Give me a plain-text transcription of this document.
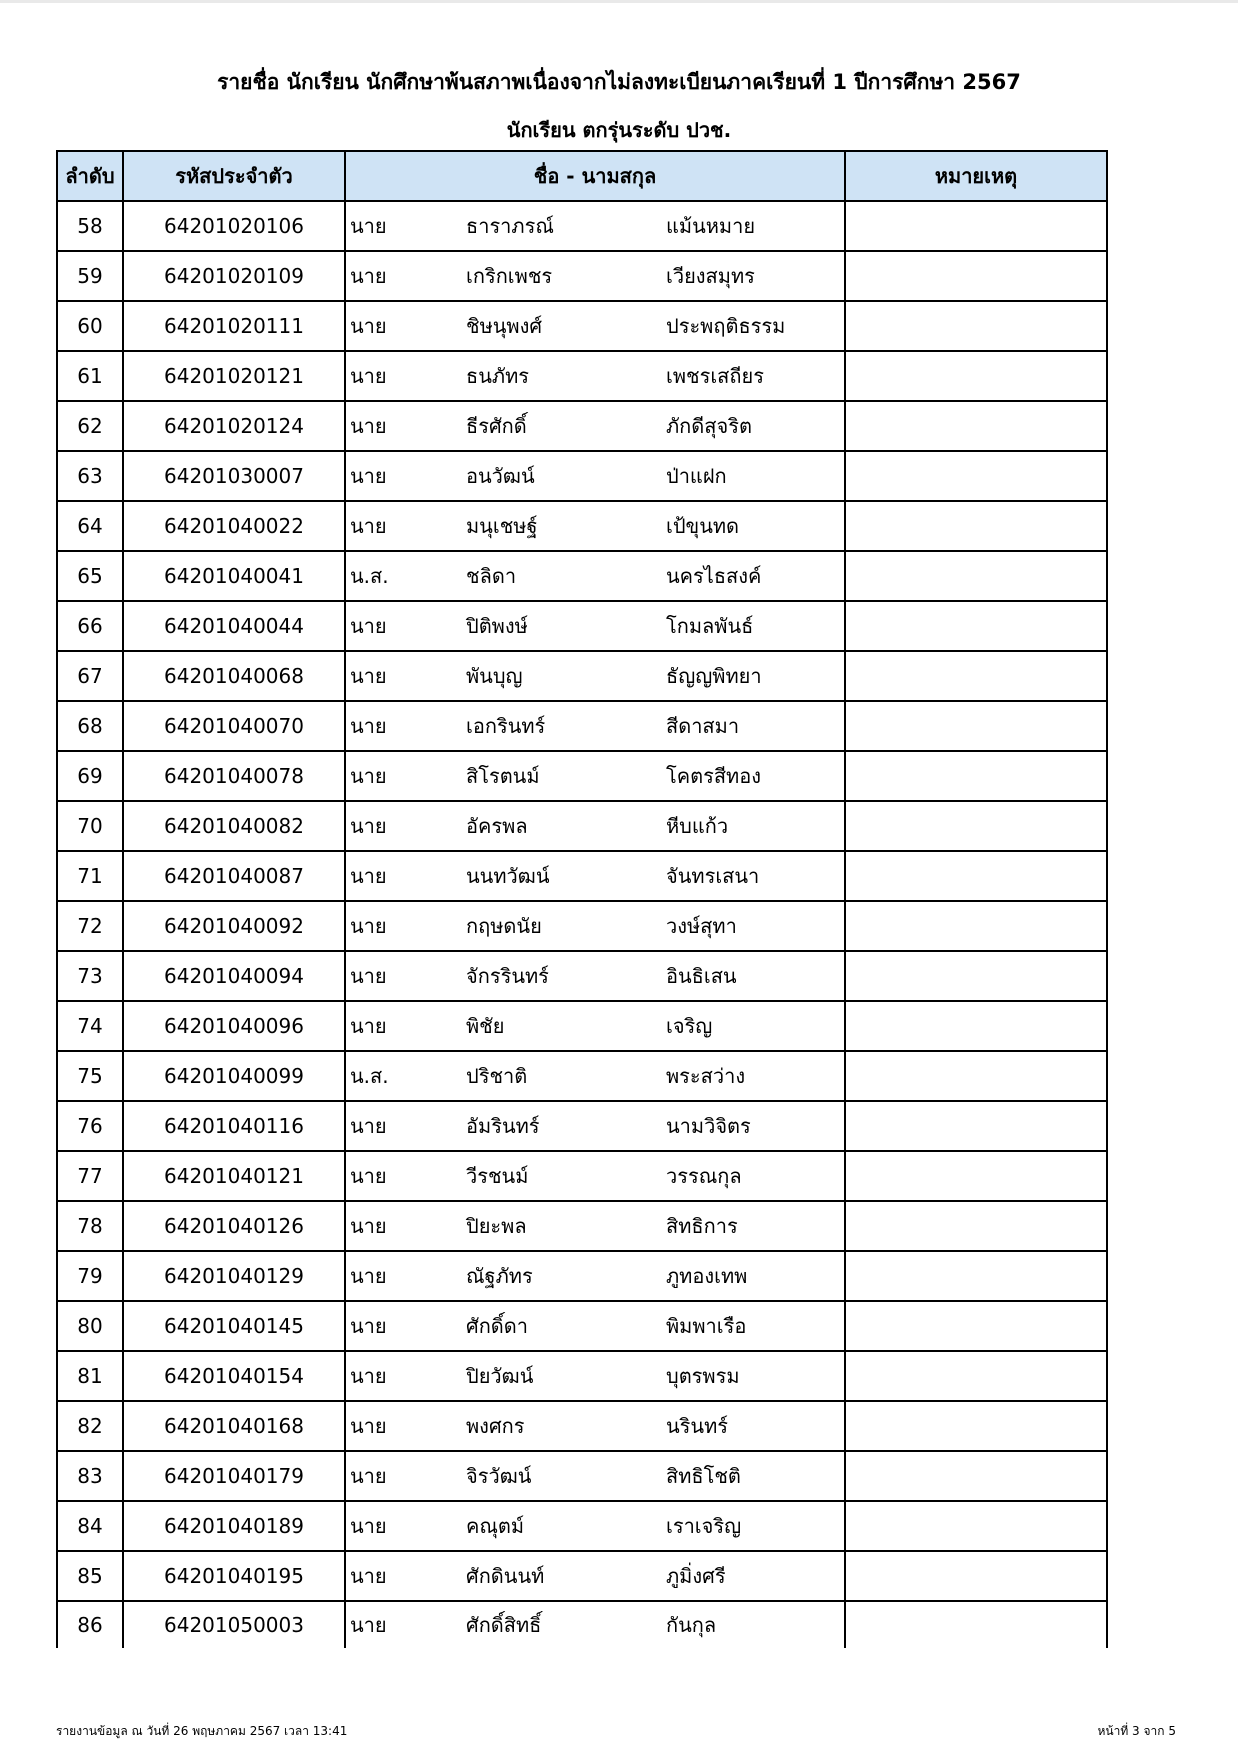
รายชื่อ นักเรียน นักศึกษาพ้นสภาพเนื่องจากไม่ลงทะเบียนภาคเรียนที่ 1 ปีการศึกษา 2567
นักเรียน ตกรุ่นระดับ ปวช.
ลำดับ	รหัสประจำตัว	ชื่อ - นามสกุล	หมายเหตุ
58	64201020106	นาย ธาราภรณ์ แม้นหมาย	

59	64201020109	นาย เกริกเพชร เวียงสมุทร	

60	64201020111	นาย ชิษนุพงศ์ ประพฤติธรรม	

61	64201020121	นาย ธนภัทร เพชรเสถียร	

62	64201020124	นาย ธีรศักดิ์ ภักดีสุจริต	

63	64201030007	นาย อนวัฒน์ ป่าแฝก	

64	64201040022	นาย มนุเชษฐ์ เป้ขุนทด	

65	64201040041	น.ส. ชลิดา นครไธสงค์	

66	64201040044	นาย ปิติพงษ์ โกมลพันธ์	

67	64201040068	นาย พันบุญ ธัญญพิทยา	

68	64201040070	นาย เอกรินทร์ สีดาสมา	

69	64201040078	นาย สิโรตนม์ โคตรสีทอง	

70	64201040082	นาย อัครพล หีบแก้ว	

71	64201040087	นาย นนทวัฒน์ จันทรเสนา	

72	64201040092	นาย กฤษดนัย วงษ์สุทา	

73	64201040094	นาย จักรรินทร์ อินธิเสน	

74	64201040096	นาย พิชัย เจริญ	

75	64201040099	น.ส. ปริชาติ พระสว่าง	

76	64201040116	นาย อัมรินทร์ นามวิจิตร	

77	64201040121	นาย วีรชนม์ วรรณกุล	

78	64201040126	นาย ปิยะพล สิทธิการ	

79	64201040129	นาย ณัฐภัทร ภูทองเทพ	

80	64201040145	นาย ศักดิ์ดา พิมพาเรือ	

81	64201040154	นาย ปิยวัฒน์ บุตรพรม	

82	64201040168	นาย พงศกร นรินทร์	

83	64201040179	นาย จิรวัฒน์ สิทธิโชติ	

84	64201040189	นาย คณุตม์ เราเจริญ	

85	64201040195	นาย ศักดินนท์ ภูมิ่งศรี	

86	64201050003	นาย ศักดิ์สิทธิ์ กันกุล	

รายงานข้อมูล ณ วันที่ 26 พฤษภาคม 2567 เวลา 13:41	หน้าที่ 3 จาก 5
